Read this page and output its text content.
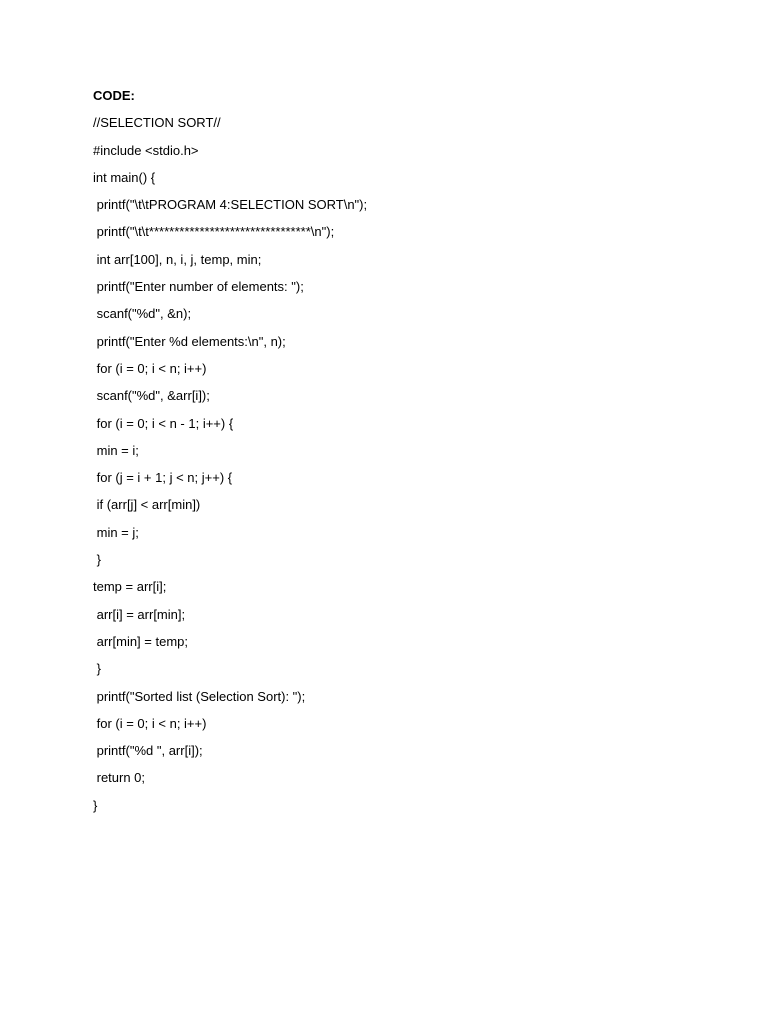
CODE:
//SELECTION SORT//
#include <stdio.h>
int main() {
printf("\t\tPROGRAM 4:SELECTION SORT\n");
printf("\t\t********************************\n");
int arr[100], n, i, j, temp, min;
printf("Enter number of elements: ");
scanf("%d", &n);
printf("Enter %d elements:\n", n);
for (i = 0; i < n; i++)
scanf("%d", &arr[i]);
for (i = 0; i < n - 1; i++) {
min = i;
for (j = i + 1; j < n; j++) {
if (arr[j] < arr[min])
min = j;
}
temp = arr[i];
arr[i] = arr[min];
arr[min] = temp;
}
printf("Sorted list (Selection Sort): ");
for (i = 0; i < n; i++)
printf("%d ", arr[i]);
return 0;
}
